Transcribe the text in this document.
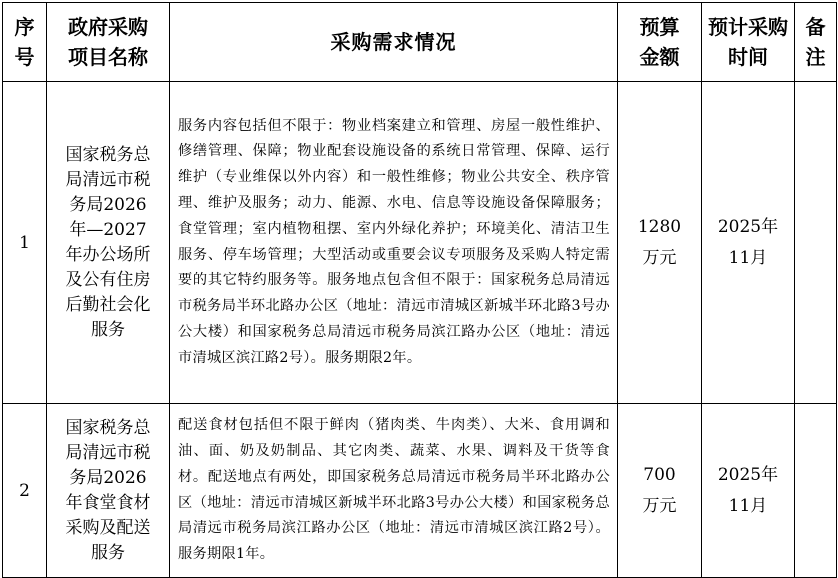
序号	政府采购项目名称	采购需求情况	预算金额	预计采购时间	备注
1	国家税务总局清远市税务局2026年—2027年办公场所及公有住房后勤社会化服务	服务内容包括但不限于：物业档案建立和管理、房屋一般性维护、修缮管理、保障；物业配套设施设备的系统日常管理、保障、运行维护（专业维保以外内容）和一般性维修；物业公共安全、秩序管理、维护及服务；动力、能源、水电、信息等设施设备保障服务；食堂管理；室内植物租摆、室内外绿化养护；环境美化、清洁卫生服务、停车场管理；大型活动或重要会议专项服务及采购人特定需要的其它特约服务等。服务地点包含但不限于：国家税务总局清远市税务局半环北路办公区（地址：清远市清城区新城半环北路3号办公大楼）和国家税务总局清远市税务局滨江路办公区（地址：清远市清城区滨江路2号）。服务期限2年。	1280万元	2025年11月	
2	国家税务总局清远市税务局2026年食堂食材采购及配送服务	配送食材包括但不限于鲜肉（猪肉类、牛肉类）、大米、食用调和油、面、奶及奶制品、其它肉类、蔬菜、水果、调料及干货等食材。配送地点有两处，即国家税务总局清远市税务局半环北路办公区（地址：清远市清城区新城半环北路3号办公大楼）和国家税务总局清远市税务局滨江路办公区（地址：清远市清城区滨江路2号）。服务期限1年。	700万元	2025年11月	
